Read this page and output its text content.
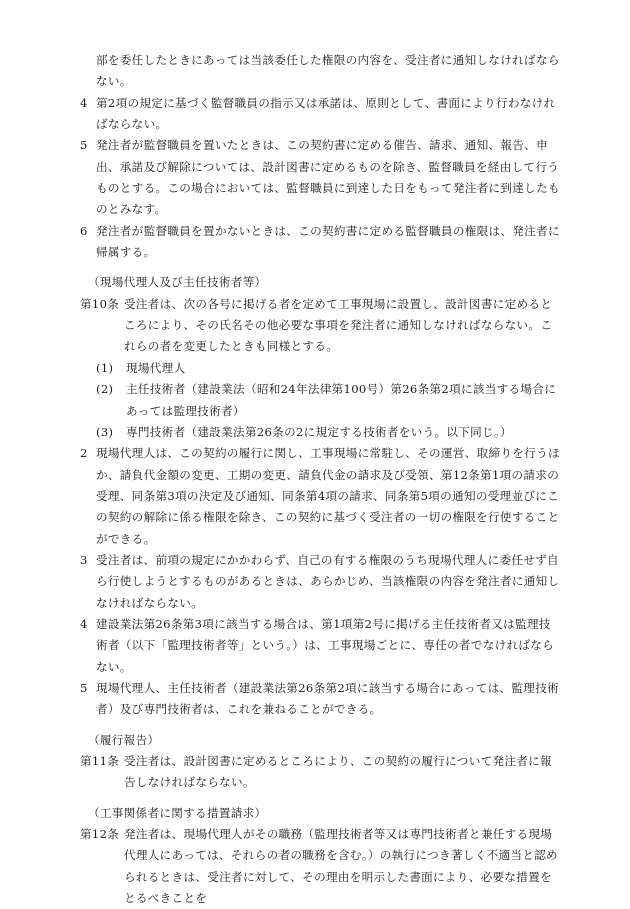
部を委任したときにあっては当該委任した権限の内容を、受注者に通知しなければならない。
4 第2項の規定に基づく監督職員の指示又は承諾は、原則として、書面により行わなければならない。
5 発注者が監督職員を置いたときは、この契約書に定める催告、請求、通知、報告、申出、承諾及び解除については、設計図書に定めるものを除き、監督職員を経由して行うものとする。この場合においては、監督職員に到達した日をもって発注者に到達したものとみなす。
6 発注者が監督職員を置かないときは、この契約書に定める監督職員の権限は、発注者に帰属する。
（現場代理人及び主任技術者等）
第10条 受注者は、次の各号に掲げる者を定めて工事現場に設置し、設計図書に定めるところにより、その氏名その他必要な事項を発注者に通知しなければならない。これらの者を変更したときも同様とする。
(1)	現場代理人
(2)	主任技術者（建設業法（昭和24年法律第100号）第26条第2項に該当する場合にあっては監理技術者）
(3)	専門技術者（建設業法第26条の2に規定する技術者をいう。以下同じ。）
2 現場代理人は、この契約の履行に関し、工事現場に常駐し、その運営、取締りを行うほか、請負代金額の変更、工期の変更、請負代金の請求及び受領、第12条第1項の請求の受理、同条第3項の決定及び通知、同条第4項の請求、同条第5項の通知の受理並びにこの契約の解除に係る権限を除き、この契約に基づく受注者の一切の権限を行使することができる。
3 受注者は、前項の規定にかかわらず、自己の有する権限のうち現場代理人に委任せず自ら行使しようとするものがあるときは、あらかじめ、当該権限の内容を発注者に通知しなければならない。
4 建設業法第26条第3項に該当する場合は、第1項第2号に掲げる主任技術者又は監理技術者（以下「監理技術者等」という。）は、工事現場ごとに、専任の者でなければならない。
5 現場代理人、主任技術者（建設業法第26条第2項に該当する場合にあっては、監理技術者）及び専門技術者は、これを兼ねることができる。
（履行報告）
第11条 受注者は、設計図書に定めるところにより、この契約の履行について発注者に報告しなければならない。
（工事関係者に関する措置請求）
第12条 発注者は、現場代理人がその職務（監理技術者等又は専門技術者と兼任する現場代理人にあっては、それらの者の職務を含む。）の執行につき著しく不適当と認められるときは、受注者に対して、その理由を明示した書面により、必要な措置をとるべきことを
